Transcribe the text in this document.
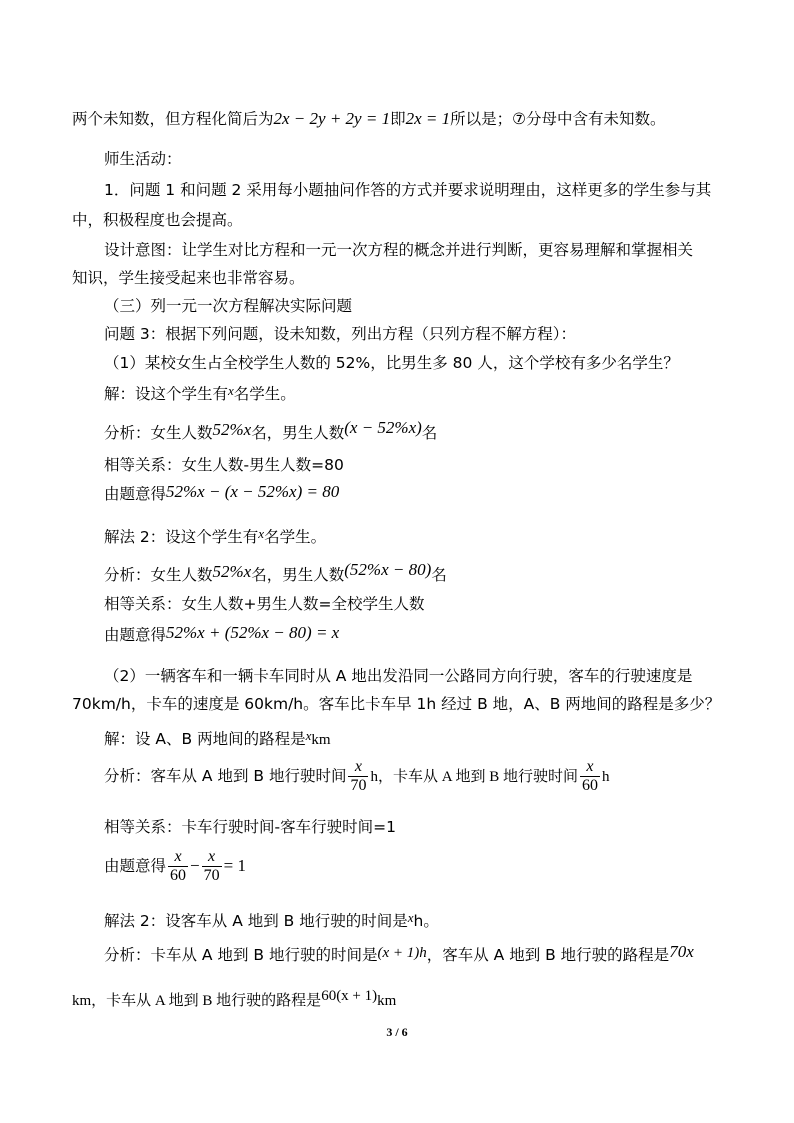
两个未知数，但方程化简后为2x − 2y + 2y = 1即2x = 1所以是；⑦分母中含有未知数。
师生活动：
1．问题 1 和问题 2 采用每小题抽问作答的方式并要求说明理由，这样更多的学生参与其
中，积极程度也会提高。
设计意图：让学生对比方程和一元一次方程的概念并进行判断，更容易理解和掌握相关
知识，学生接受起来也非常容易。
（三）列一元一次方程解决实际问题
问题 3：根据下列问题，设未知数，列出方程（只列方程不解方程）：
（1）某校女生占全校学生人数的 52%，比男生多 80 人，这个学校有多少名学生？
解：设这个学生有$^x$名学生。
分析：女生人数52%x名，男生人数(x − 52%x)名
相等关系：女生人数-男生人数=80
由题意得52%x − (x − 52%x) = 80
解法 2：设这个学生有$^x$名学生。
分析：女生人数52%x名，男生人数(52%x − 80)名
相等关系：女生人数+男生人数=全校学生人数
由题意得52%x + (52%x − 80) = x
（2）一辆客车和一辆卡车同时从 A 地出发沿同一公路同方向行驶，客车的行驶速度是
70km/h，卡车的速度是 60km/h。客车比卡车早 1h 经过 B 地，A、B 两地间的路程是多少？
解：设 A、B 两地间的路程是$^x$km
分析：客车从 A 地到 B 地行驶时间 $\frac{x}{70}$ h，卡车从 A 地到 B 地行驶时间 $\frac{x}{60}$ h
相等关系：卡车行驶时间-客车行驶时间=1
由题意得 $\frac{x}{60} - \frac{x}{70} = 1$
解法 2：设客车从 A 地到 B 地行驶的时间是$^x$h。
分析：卡车从 A 地到 B 地行驶的时间是(x + 1)h，客车从 A 地到 B 地行驶的路程是70x
km，卡车从 A 地到 B 地行驶的路程是60(x + 1)km
3 / 6
